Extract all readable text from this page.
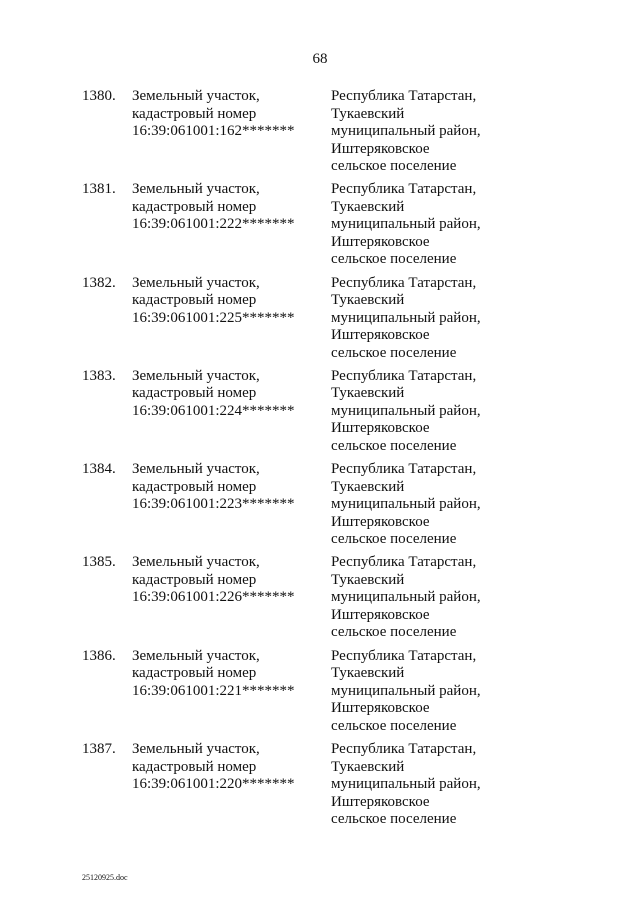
68
1380. Земельный участок,
кадастровый номер
16:39:061001:162*******
Республика Татарстан,
Тукаевский
муниципальный район,
Иштеряковское
сельское поселение
1381. Земельный участок,
кадастровый номер
16:39:061001:222*******
Республика Татарстан,
Тукаевский
муниципальный район,
Иштеряковское
сельское поселение
1382. Земельный участок,
кадастровый номер
16:39:061001:225*******
Республика Татарстан,
Тукаевский
муниципальный район,
Иштеряковское
сельское поселение
1383. Земельный участок,
кадастровый номер
16:39:061001:224*******
Республика Татарстан,
Тукаевский
муниципальный район,
Иштеряковское
сельское поселение
1384. Земельный участок,
кадастровый номер
16:39:061001:223*******
Республика Татарстан,
Тукаевский
муниципальный район,
Иштеряковское
сельское поселение
1385. Земельный участок,
кадастровый номер
16:39:061001:226*******
Республика Татарстан,
Тукаевский
муниципальный район,
Иштеряковское
сельское поселение
1386. Земельный участок,
кадастровый номер
16:39:061001:221*******
Республика Татарстан,
Тукаевский
муниципальный район,
Иштеряковское
сельское поселение
1387. Земельный участок,
кадастровый номер
16:39:061001:220*******
Республика Татарстан,
Тукаевский
муниципальный район,
Иштеряковское
сельское поселение
25120925.doc
